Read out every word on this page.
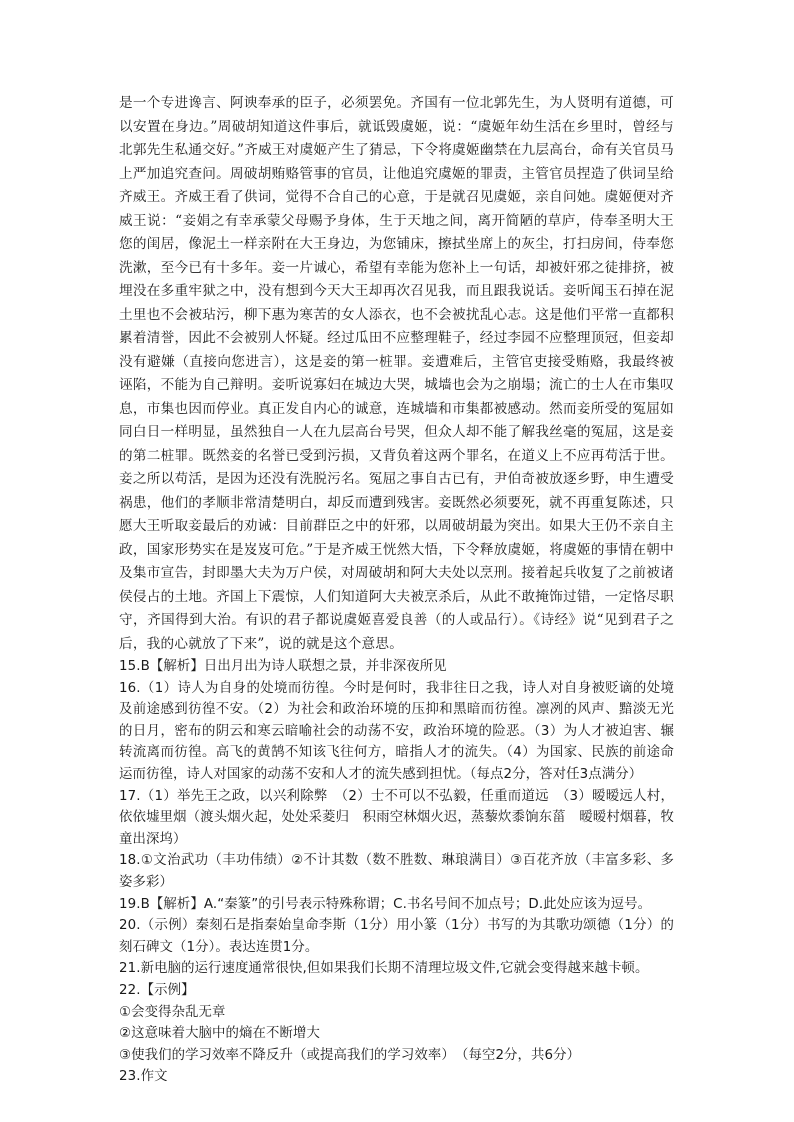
是一个专进谗言、阿谀奉承的臣子，必须罢免。齐国有一位北郭先生，为人贤明有道德，可以安置在身边。”周破胡知道这件事后，就诋毁虞姬，说：“虞姬年幼生活在乡里时，曾经与北郭先生私通交好。”齐威王对虞姬产生了猜忌，下令将虞姬幽禁在九层高台，命有关官员马上严加追究查问。周破胡贿赂管事的官员，让他追究虞姬的罪责，主管官员捏造了供词呈给齐威王。齐威王看了供词，觉得不合自己的心意，于是就召见虞姬，亲自问她。虞姬便对齐威王说：“妾娟之有幸承蒙父母赐予身体，生于天地之间，离开简陋的草庐，侍奉圣明大王您的闺居，像泥土一样亲附在大王身边，为您铺床，擦拭坐席上的灰尘，打扫房间，侍奉您洗漱，至今已有十多年。妾一片诚心，希望有幸能为您补上一句话，却被奸邪之徒排挤，被埋没在多重牢狱之中，没有想到今天大王却再次召见我，而且跟我说话。妾听闻玉石掉在泥土里也不会被玷污，柳下惠为寒苦的女人添衣，也不会被扰乱心志。这是他们平常一直都积累着清誉，因此不会被别人怀疑。经过瓜田不应整理鞋子，经过李园不应整理顶冠，但妾却没有避嫌（直接向您进言），这是妾的第一桩罪。妾遭难后，主管官吏接受贿赂，我最终被诬陷，不能为自己辩明。妾听说寡妇在城边大哭，城墙也会为之崩塌；流亡的士人在市集叹息，市集也因而停业。真正发自内心的诚意，连城墙和市集都被感动。然而妾所受的冤屈如同白日一样明显，虽然独自一人在九层高台号哭，但众人却不能了解我丝毫的冤屈，这是妾的第二桩罪。既然妾的名誉已受到污损，又背负着这两个罪名，在道义上不应再苟活于世。妾之所以苟活，是因为还没有洗脱污名。冤屈之事自古已有，尹伯奇被放逐乡野，申生遭受祸患，他们的孝顺非常清楚明白，却反而遭到残害。妾既然必须要死，就不再重复陈述，只愿大王听取妾最后的劝诫：目前群臣之中的奸邪，以周破胡最为突出。如果大王仍不亲自主政，国家形势实在是岌岌可危。”于是齐威王恍然大悟，下令释放虞姬，将虞姬的事情在朝中及集市宣告，封即墨大夫为万户侯，对周破胡和阿大夫处以烹刑。接着起兵收复了之前被诸侯侵占的土地。齐国上下震惊，人们知道阿大夫被烹杀后，从此不敢掩饰过错，一定恪尽职守，齐国得到大治。有识的君子都说虞姬喜爱良善（的人或品行）。《诗经》说“见到君子之后，我的心就放了下来”，说的就是这个意思。

15.B【解析】日出月出为诗人联想之景，并非深夜所见

16.（1）诗人为自身的处境而彷徨。今时是何时，我非往日之我，诗人对自身被贬谪的处境及前途感到彷徨不安。（2）为社会和政治环境的压抑和黑暗而彷徨。凛冽的风声、黯淡无光的日月，密布的阴云和寒云暗喻社会的动荡不安，政治环境的险恶。（3）为人才被迫害、辗转流离而彷徨。高飞的黄鹄不知该飞往何方，暗指人才的流失。（4）为国家、民族的前途命运而彷徨，诗人对国家的动荡不安和人才的流失感到担忧。（每点2分，答对任3点满分）

17.（1）举先王之政，以兴利除弊　（2）士不可以不弘毅，任重而道远　（3）暧暧远人村，依依墟里烟（渡头烟火起，处处采菱归　积雨空林烟火迟，蒸藜炊黍饷东菑　暧暧村烟暮，牧童出深坞）

18.①文治武功（丰功伟绩）②不计其数（数不胜数、琳琅满目）③百花齐放（丰富多彩、多姿多彩）

19.B【解析】A.“秦篆”的引号表示特殊称谓；C.书名号间不加点号；D.此处应该为逗号。

20.（示例）秦刻石是指秦始皇命李斯（1分）用小篆（1分）书写的为其歌功颂德（1分）的刻石碑文（1分）。表达连贯1分。

21.新电脑的运行速度通常很快,但如果我们长期不清理垃圾文件,它就会变得越来越卡顿。

22.【示例】

①会变得杂乱无章

②这意味着大脑中的熵在不断增大

③使我们的学习效率不降反升（或提高我们的学习效率）　（每空2分，共6分）

23.作文
